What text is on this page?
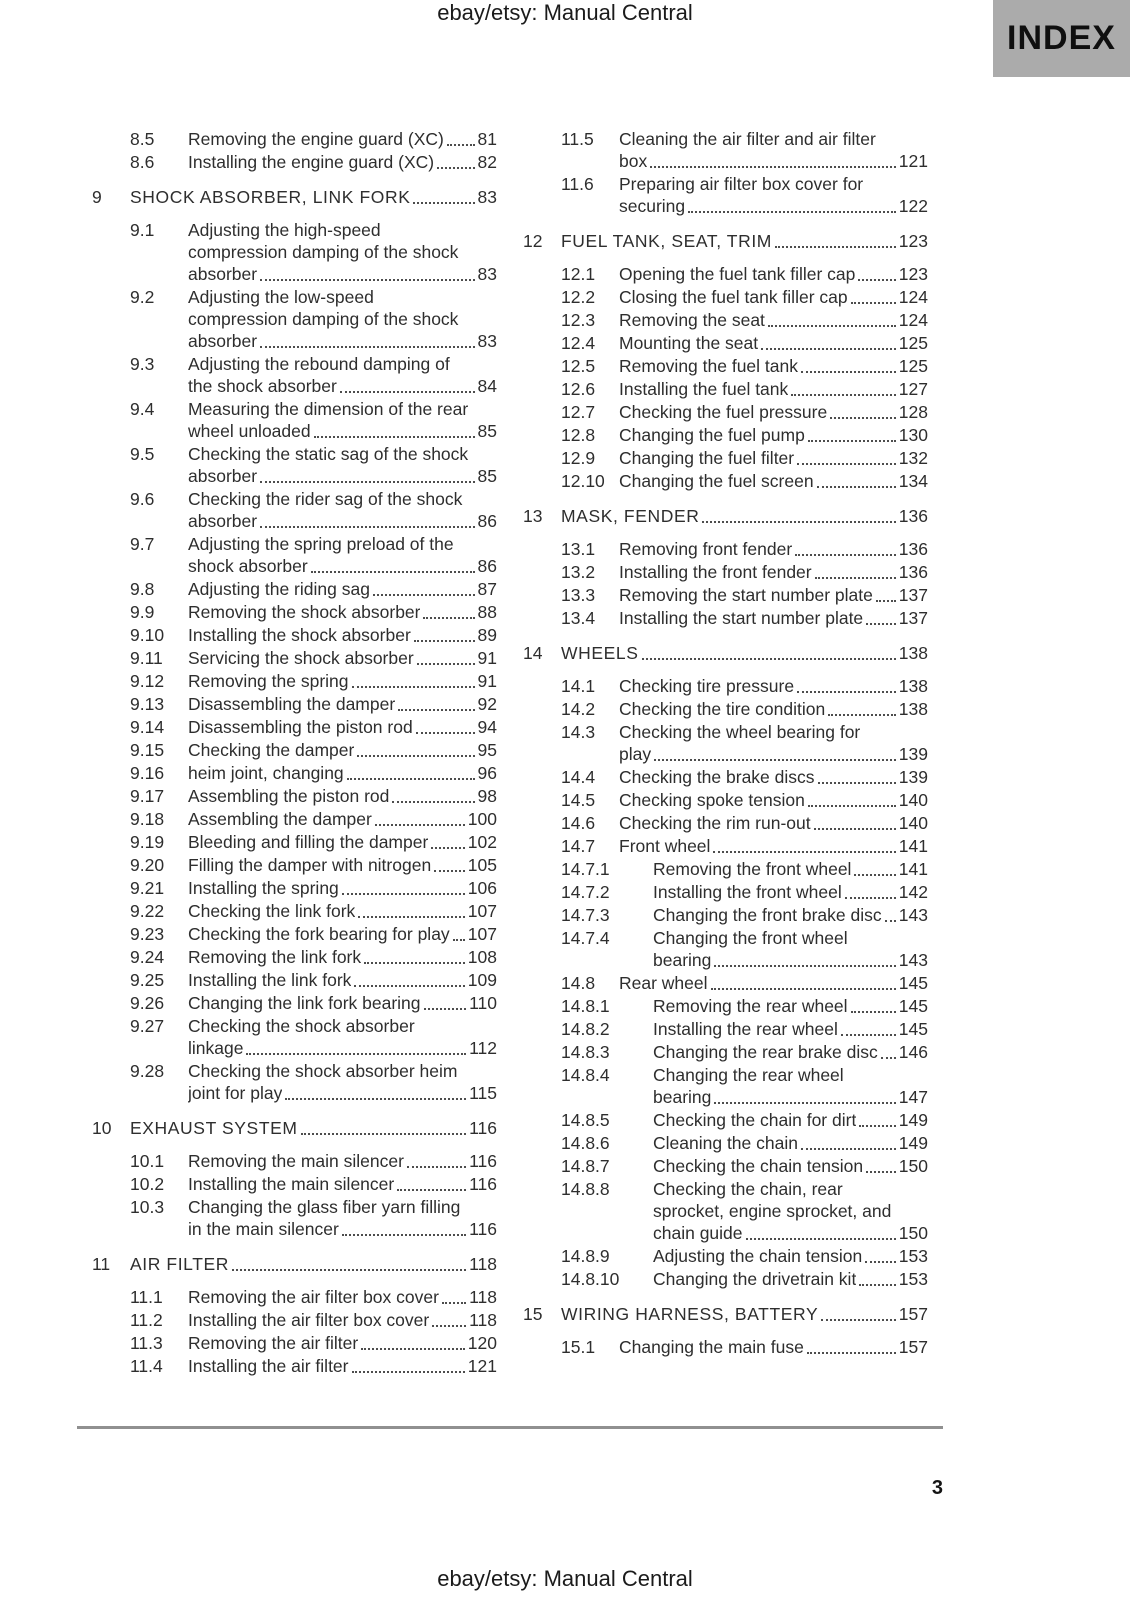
ebay/etsy: Manual Central
INDEX
8.5	Removing the engine guard (XC) 81
8.6	Installing the engine guard (XC) 82
9	SHOCK ABSORBER, LINK FORK	83
9.1	Adjusting the high-speed
compression damping of the shock
absorber	83
9.2	Adjusting the low-speed
compression damping of the shock
absorber	83
9.3	Adjusting the rebound damping of
the shock absorber	84
9.4	Measuring the dimension of the rear
wheel unloaded	85
9.5	Checking the static sag of the shock
absorber	85
9.6	Checking the rider sag of the shock
absorber	86
9.7	Adjusting the spring preload of the
shock absorber	86
9.8	Adjusting the riding sag	87
9.9	Removing the shock absorber	88
9.10	Installing the shock absorber	89
9.11	Servicing the shock absorber	91
9.12	Removing the spring	91
9.13	Disassembling the damper	92
9.14	Disassembling the piston rod	94
9.15	Checking the damper	95
9.16	heim joint, changing	96
9.17	Assembling the piston rod	98
9.18	Assembling the damper	100
9.19	Bleeding and filling the damper 102
9.20	Filling the damper with nitrogen 105
9.21	Installing the spring	106
9.22	Checking the link fork	107
9.23	Checking the fork bearing for play 107
9.24	Removing the link fork	108
9.25	Installing the link fork	109
9.26	Changing the link fork bearing	110
9.27	Checking the shock absorber
linkage	112
9.28	Checking the shock absorber heim
joint for play	115
10	EXHAUST SYSTEM	116
10.1	Removing the main silencer	116
10.2	Installing the main silencer	116
10.3	Changing the glass fiber yarn filling
in the main silencer	116
11	AIR FILTER	118
11.1	Removing the air filter box cover 118
11.2	Installing the air filter box cover 118
11.3	Removing the air filter	120
11.4	Installing the air filter	121
11.5	Cleaning the air filter and air filter
box	121
11.6	Preparing air filter box cover for
securing	122
12	FUEL TANK, SEAT, TRIM	123
12.1	Opening the fuel tank filler cap 123
12.2	Closing the fuel tank filler cap	124
12.3	Removing the seat	124
12.4	Mounting the seat	125
12.5	Removing the fuel tank	125
12.6	Installing the fuel tank	127
12.7	Checking the fuel pressure	128
12.8	Changing the fuel pump	130
12.9	Changing the fuel filter	132
12.10 Changing the fuel screen	134
13	MASK, FENDER	136
13.1	Removing front fender	136
13.2	Installing the front fender	136
13.3	Removing the start number plate 137
13.4	Installing the start number plate 137
14	WHEELS	138
14.1	Checking tire pressure	138
14.2	Checking the tire condition	138
14.3	Checking the wheel bearing for
play	139
14.4	Checking the brake discs	139
14.5	Checking spoke tension	140
14.6	Checking the rim run-out	140
14.7	Front wheel	141
14.7.1	Removing the front wheel	141
14.7.2	Installing the front wheel	142
14.7.3	Changing the front brake disc 143
14.7.4	Changing the front wheel
bearing	143
14.8	Rear wheel	145
14.8.1	Removing the rear wheel	145
14.8.2	Installing the rear wheel	145
14.8.3	Changing the rear brake disc 146
14.8.4	Changing the rear wheel
bearing	147
14.8.5	Checking the chain for dirt 149
14.8.6	Cleaning the chain	149
14.8.7	Checking the chain tension 150
14.8.8	Checking the chain, rear
sprocket, engine sprocket, and
chain guide	150
14.8.9	Adjusting the chain tension 153
14.8.10	Changing the drivetrain kit 153
15	WIRING HARNESS, BATTERY	157
15.1	Changing the main fuse	157
3
ebay/etsy: Manual Central
